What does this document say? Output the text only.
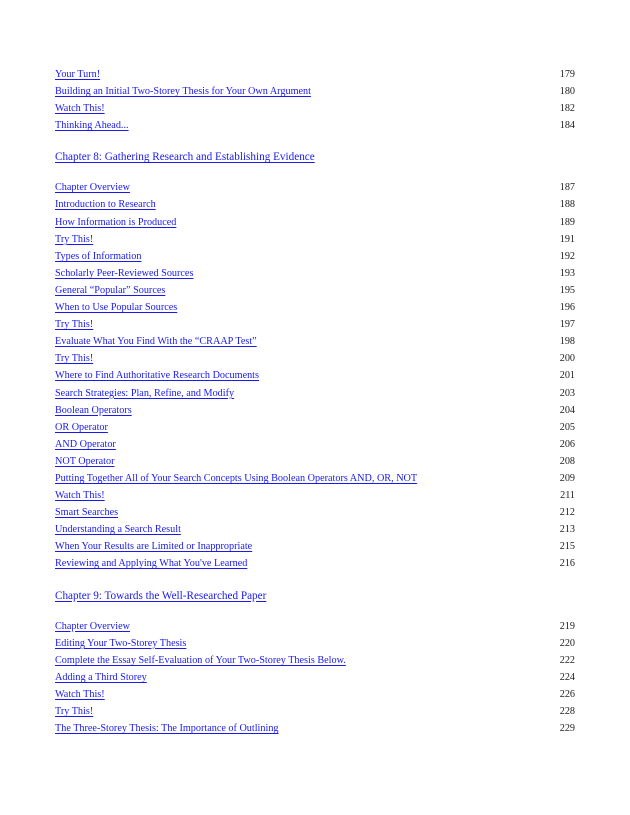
Your Turn!	179
Building an Initial Two-Storey Thesis for Your Own Argument	180
Watch This!	182
Thinking Ahead...	184
Chapter 8: Gathering Research and Establishing Evidence
Chapter Overview	187
Introduction to Research	188
How Information is Produced	189
Try This!	191
Types of Information	192
Scholarly Peer-Reviewed Sources	193
General “Popular” Sources	195
When to Use Popular Sources	196
Try This!	197
Evaluate What You Find With the “CRAAP Test”	198
Try This!	200
Where to Find Authoritative Research Documents	201
Search Strategies: Plan, Refine, and Modify	203
Boolean Operators	204
OR Operator	205
AND Operator	206
NOT Operator	208
Putting Together All of Your Search Concepts Using Boolean Operators AND, OR, NOT	209
Watch This!	211
Smart Searches	212
Understanding a Search Result	213
When Your Results are Limited or Inappropriate	215
Reviewing and Applying What You've Learned	216
Chapter 9: Towards the Well-Researched Paper
Chapter Overview	219
Editing Your Two-Storey Thesis	220
Complete the Essay Self-Evaluation of Your Two-Storey Thesis Below.	222
Adding a Third Storey	224
Watch This!	226
Try This!	228
The Three-Storey Thesis: The Importance of Outlining	229
